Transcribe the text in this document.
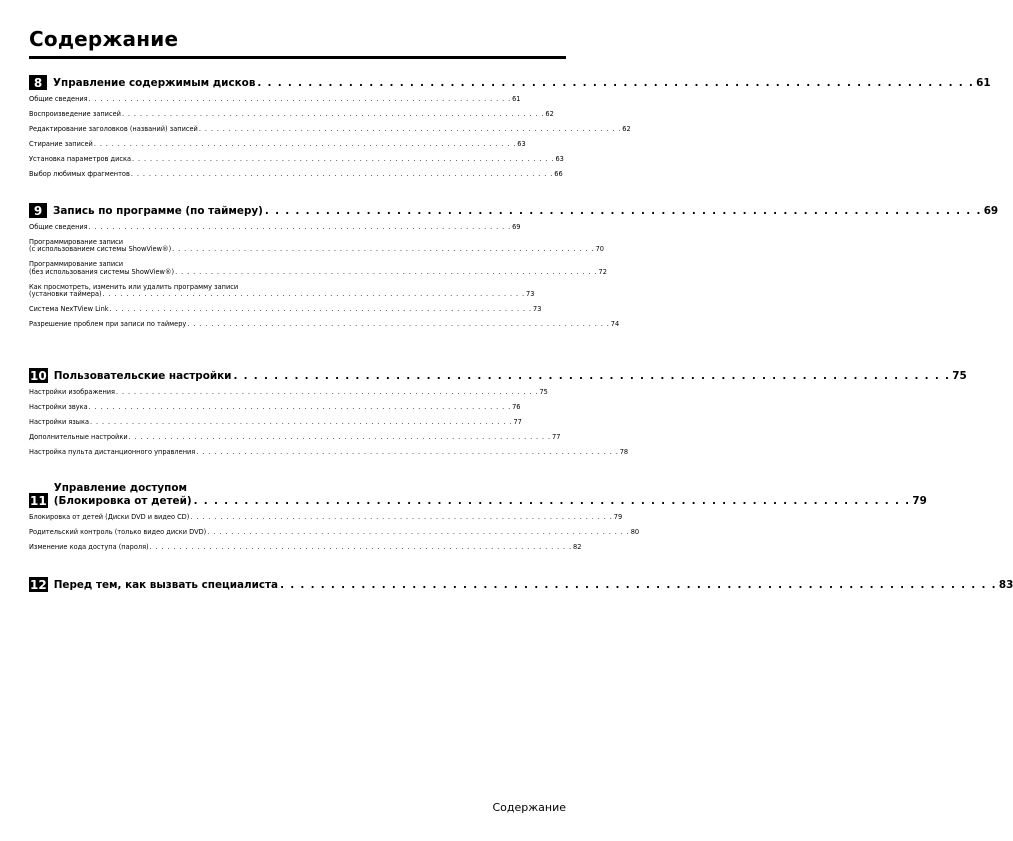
Содержание
8	Управление содержимым дисков . . .	61
Общие сведения . . .	61
Воспроизведение записей . . .	62
Редактирование заголовков (названий) записей . . .	62
Стирание записей . . .	63
Установка параметров диска . . .	63
Выбор любимых фрагментов . . .	66
9	Запись по программе (по таймеру) . . .	69
Общие сведения . . .	69
Программирование записи
(с использованием системы ShowView®) . . .	70
Программирование записи
(без использования системы ShowView®) . . .	72
Как просмотреть, изменить или удалить программу записи
(установки таймера) . . .	73
Система NexTView Link . . .	73
Разрешение проблем при записи по таймеру . . .	74
10 Пользовательские настройки . . .	75
Настройки изображения . . .	75
Настройки звука . . .	76
Настройки языка . . .	77
Дополнительные настройки . . .	77
Настройка пульта дистанционного управления . . .	78
11
Управление доступом
(Блокировка от детей) . . .	79
Блокировка от детей (Диски DVD и видео CD) . . .	79
Родительский контроль (только видео диски DVD) . . .	80
Изменение кода доступа (пароля) . . .	82
12 Перед тем, как вызвать специалиста . . .	83
Содержание
